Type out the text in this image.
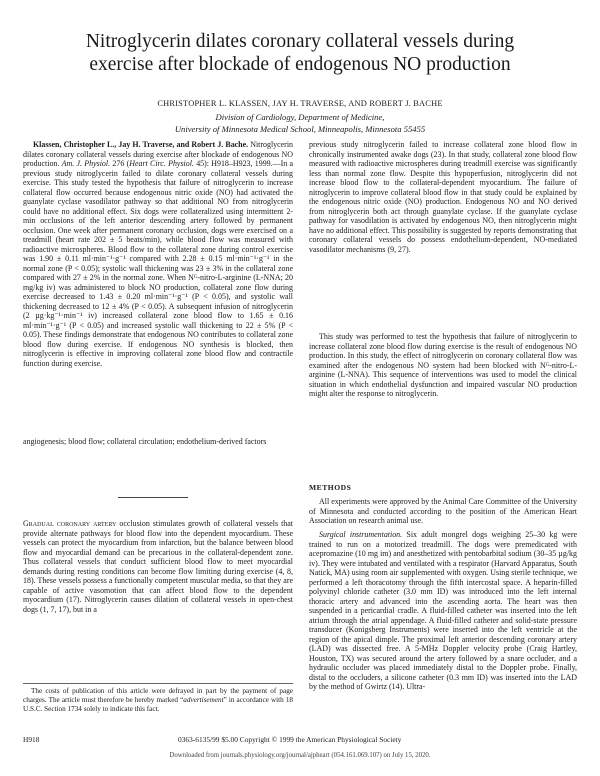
Nitroglycerin dilates coronary collateral vessels during
exercise after blockade of endogenous NO production

CHRISTOPHER L. KLASSEN, JAY H. TRAVERSE, AND ROBERT J. BACHE

Division of Cardiology, Department of Medicine,

University of Minnesota Medical School, Minneapolis, Minnesota 55455

Klassen, Christopher L., Jay H. Traverse, and Robert J. Bache. Nitroglycerin dilates coronary collateral vessels during exercise after blockade of endogenous NO production. Am. J. Physiol. 276 (Heart Circ. Physiol. 45): H918–H923, 1999.—In a previous study nitroglycerin failed to dilate coronary collateral vessels during exercise. This study tested the hypothesis that failure of nitroglycerin to increase collateral flow occurred because endogenous nitric oxide (NO) had activated the guanylate cyclase vasodilator pathway so that additional NO from nitroglycerin could have no additional effect. Six dogs were collateralized using intermittent 2-min occlusions of the left anterior descending artery followed by permanent occlusion. One week after permanent coronary occlusion, dogs were exercised on a treadmill (heart rate 202 ± 5 beats/min), while blood flow was measured with radioactive microspheres. Blood flow to the collateral zone during control exercise was 1.90 ± 0.11 ml·min⁻¹·g⁻¹ compared with 2.28 ± 0.15 ml·min⁻¹·g⁻¹ in the normal zone (P < 0.05); systolic wall thickening was 23 ± 3% in the collateral zone compared with 27 ± 2% in the normal zone. When Nᴳ-nitro-L-arginine (L-NNA; 20 mg/kg iv) was administered to block NO production, collateral zone flow during exercise decreased to 1.43 ± 0.20 ml·min⁻¹·g⁻¹ (P < 0.05), and systolic wall thickening decreased to 12 ± 4% (P < 0.05). A subsequent infusion of nitroglycerin (2 µg·kg⁻¹·min⁻¹ iv) increased collateral zone blood flow to 1.65 ± 0.16 ml·min⁻¹·g⁻¹ (P < 0.05) and increased systolic wall thickening to 22 ± 5% (P < 0.05). These findings demonstrate that endogenous NO contributes to collateral zone blood flow during exercise. If endogenous NO synthesis is blocked, then nitroglycerin is effective in improving collateral zone blood flow and contractile function during exercise.

angiogenesis; blood flow; collateral circulation; endothelium-derived factors

Gradual coronary artery occlusion stimulates growth of collateral vessels that provide alternate pathways for blood flow into the dependent myocardium. These vessels can protect the myocardium from infarction, but the balance between blood flow and myocardial demand can be precarious in the collateral-dependent zone. Thus collateral vessels that conduct sufficient blood flow to meet myocardial demands during resting conditions can become flow limiting during exercise (4, 8, 18). These vessels possess a functionally competent muscular media, so that they are capable of active vasomotion that can affect blood flow to the dependent myocardium (17). Nitroglycerin causes dilation of collateral vessels in open-chest dogs (1, 7, 17), but in a

previous study nitroglycerin failed to increase collateral zone blood flow in chronically instrumented awake dogs (23). In that study, collateral zone blood flow measured with radioactive microspheres during treadmill exercise was significantly less than normal zone flow. Despite this hypoperfusion, nitroglycerin did not increase blood flow to the collateral-dependent myocardium. The failure of nitroglycerin to improve collateral blood flow in that study could be explained by the endogenous nitric oxide (NO) production. Endogenous NO and NO derived from nitroglycerin both act through guanylate cyclase. If the guanylate cyclase pathway for vasodilation is activated by endogenous NO, then nitroglycerin might have no additional effect. This possibility is suggested by reports demonstrating that coronary collateral vessels do possess endothelium-dependent, NO-mediated vasodilator mechanisms (9, 27).

This study was performed to test the hypothesis that failure of nitroglycerin to increase collateral zone blood flow during exercise is the result of endogenous NO production. In this study, the effect of nitroglycerin on coronary collateral flow was examined after the endogenous NO system had been blocked with Nᴳ-nitro-L-arginine (L-NNA). This sequence of interventions was used to model the clinical situation in which endothelial dysfunction and impaired vascular NO production might alter the response to nitroglycerin.

METHODS

All experiments were approved by the Animal Care Committee of the University of Minnesota and conducted according to the position of the American Heart Association on research animal use.

Surgical instrumentation. Six adult mongrel dogs weighing 25–30 kg were trained to run on a motorized treadmill. The dogs were premedicated with acepromazine (10 mg im) and anesthetized with pentobarbital sodium (30–35 µg/kg iv). They were intubated and ventilated with a respirator (Harvard Apparatus, South Natick, MA) using room air supplemented with oxygen. Using sterile technique, we performed a left thoracotomy through the fifth intercostal space. A heparin-filled polyvinyl chloride catheter (3.0 mm ID) was introduced into the left internal thoracic artery and advanced into the ascending aorta. The heart was then suspended in a pericardial cradle. A fluid-filled catheter was inserted into the left atrium through the atrial appendage. A fluid-filled catheter and solid-state pressure transducer (Konigsberg Instruments) were inserted into the left ventricle at the region of the apical dimple. The proximal left anterior descending coronary artery (LAD) was dissected free. A 5-MHz Doppler velocity probe (Craig Hartley, Houston, TX) was secured around the artery followed by a snare occluder, and a hydraulic occluder was placed immediately distal to the Doppler probe. Finally, distal to the occluders, a silicone catheter (0.3 mm ID) was inserted into the LAD by the method of Gwirtz (14). Ultra-

The costs of publication of this article were defrayed in part by the payment of page charges. The article must therefore be hereby marked “advertisement” in accordance with 18 U.S.C. Section 1734 solely to indicate this fact.

H918	0363-6135/99 $5.00 Copyright © 1999 the American Physiological Society

Downloaded from journals.physiology.org/journal/ajpheart (054.161.069.107) on July 15, 2020.
